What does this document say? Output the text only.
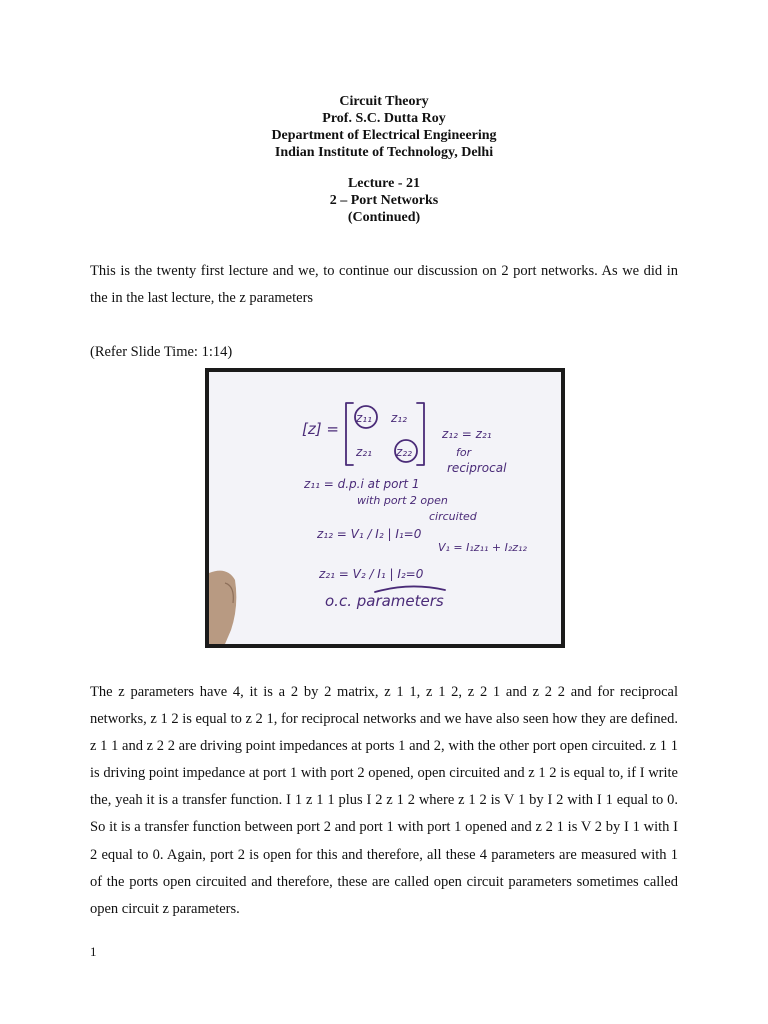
Circuit Theory
Prof. S.C. Dutta Roy
Department of Electrical Engineering
Indian Institute of Technology, Delhi
Lecture - 21
2 – Port Networks
(Continued)
This is the twenty first lecture and we, to continue our discussion on 2 port networks. As we did in the in the last lecture, the z parameters
(Refer Slide Time: 1:14)
[z] =
z₁₁ z₁₂
z₂₁ z₂₂
z₁₂ = z₂₁
for
reciprocal
z₁₁ = d.p.i at port 1
with port 2 open
circuited
z₁₂ = V₁ / I₂ | I₁=0
V₁ = I₁z₁₁ + I₂z₁₂
z₂₁ = V₂ / I₁ | I₂=0
o.c. parameters
The z parameters have 4, it is a 2 by 2 matrix, z 1 1, z 1 2, z 2 1 and z 2 2 and for reciprocal networks, z 1 2 is equal to z 2 1, for reciprocal networks and we have also seen how they are defined. z 1 1 and z 2 2 are driving point impedances at ports 1 and 2, with the other port open circuited. z 1 1 is driving point impedance at port 1 with port 2 opened, open circuited and z 1 2 is equal to, if I write the, yeah it is a transfer function. I 1 z 1 1 plus I 2 z 1 2 where z 1 2 is V 1 by I 2 with I 1 equal to 0. So it is a transfer function between port 2 and port 1 with port 1 opened and z 2 1 is V 2 by I 1 with I 2 equal to 0. Again, port 2 is open for this and therefore, all these 4 parameters are measured with 1 of the ports open circuited and therefore, these are called open circuit parameters sometimes called open circuit z parameters.
1
